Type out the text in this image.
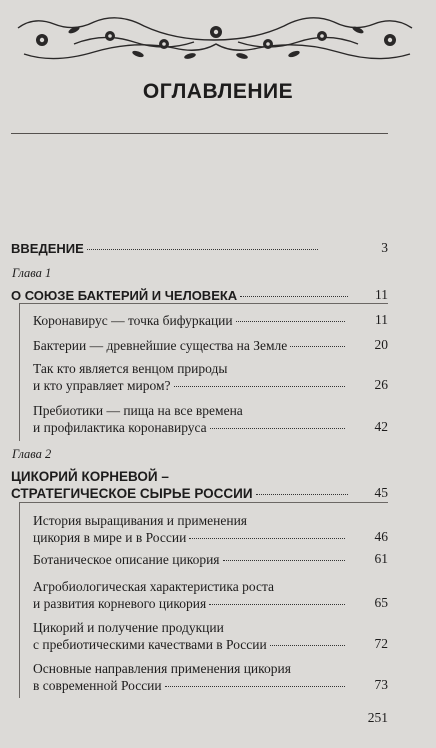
ОГЛАВЛЕНИЕ
ВВЕДЕНИЕ	3
Глава 1
О СОЮЗЕ БАКТЕРИЙ И ЧЕЛОВЕКА	11
Коронавирус — точка бифуркации	11
Бактерии — древнейшие существа на Земле	20
Так кто является венцом природы
и кто управляет миром?	26
Пребиотики — пища на все времена
и профилактика коронавируса	42
Глава 2
ЦИКОРИЙ КОРНЕВОЙ –
СТРАТЕГИЧЕСКОЕ СЫРЬЕ РОССИИ	45
История выращивания и применения
цикория в мире и в России	46
Ботаническое описание цикория	61
Агробиологическая характеристика роста
и развития корневого цикория	65
Цикорий и получение продукции
с пребиотическими качествами в России	72
Основные направления применения цикория
в современной России	73
251
